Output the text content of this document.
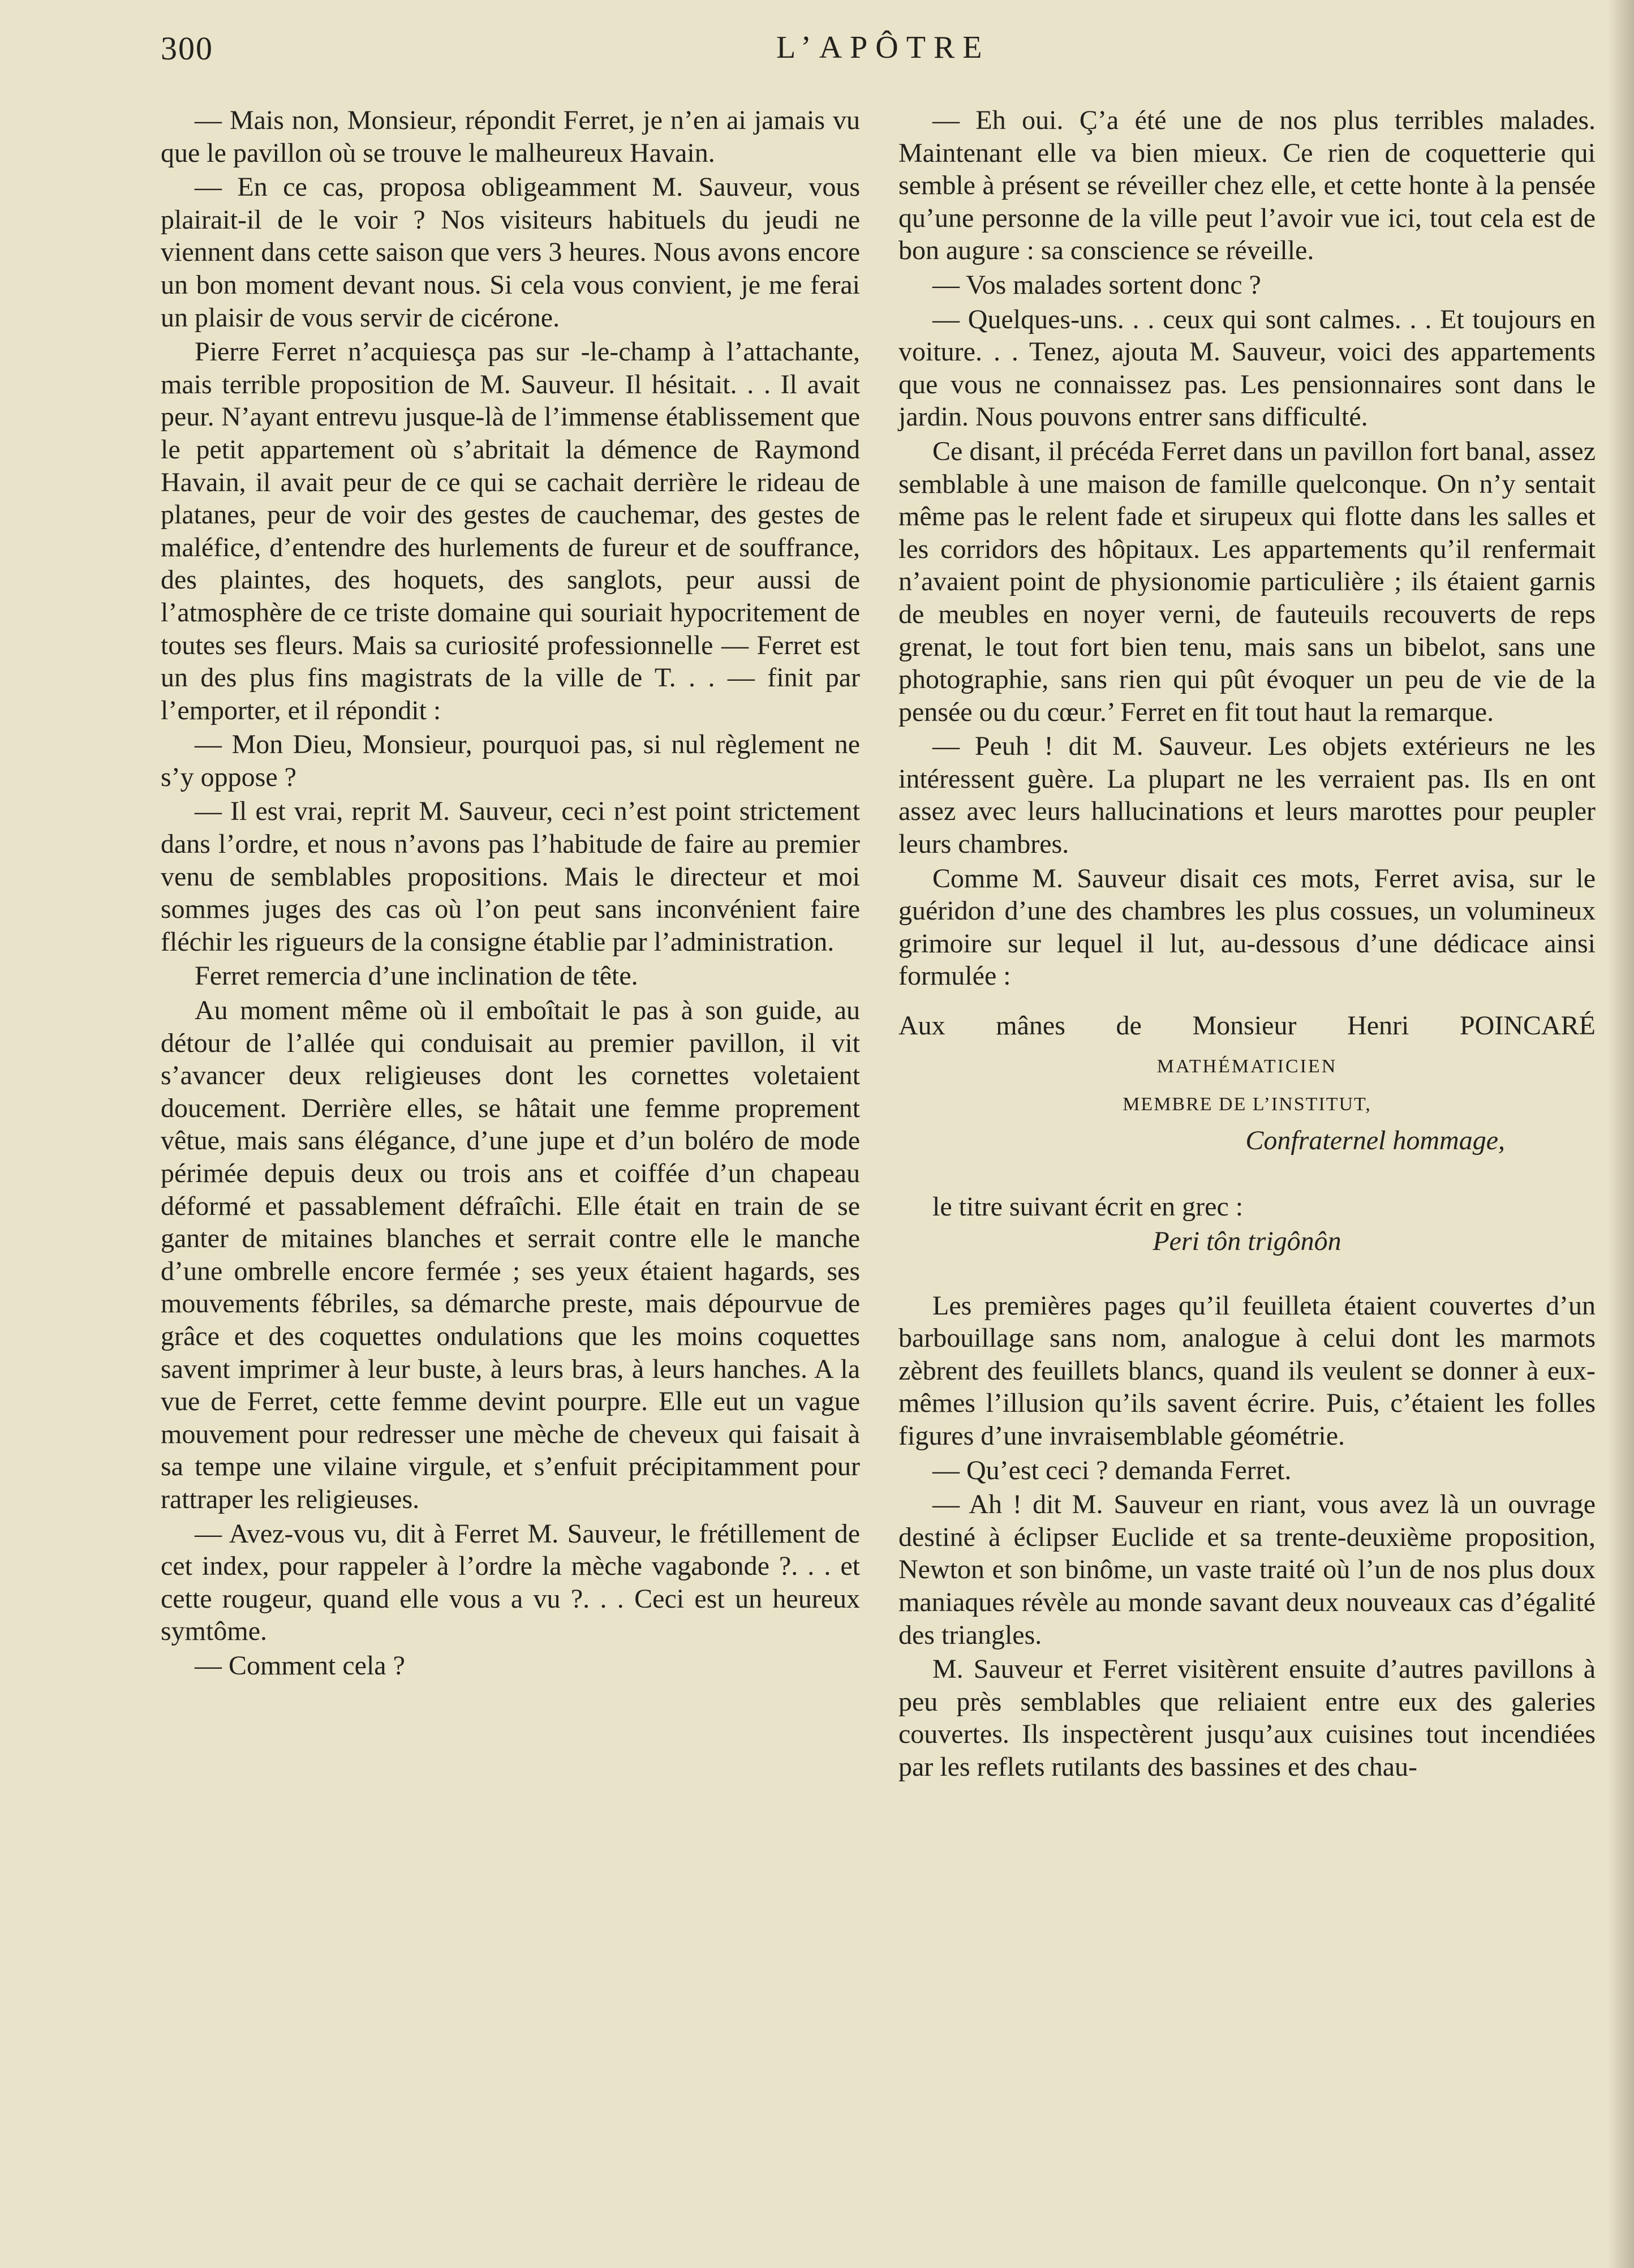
300	L’APÔTRE

— Mais non, Monsieur, répondit Ferret, je n’en ai jamais vu que le pavillon où se trouve le malheureux Havain.

— En ce cas, proposa obligeamment M. Sauveur, vous plairait-il de le voir ? Nos visiteurs habituels du jeudi ne viennent dans cette saison que vers 3 heures. Nous avons encore un bon moment devant nous. Si cela vous convient, je me ferai un plaisir de vous servir de cicérone.

Pierre Ferret n’acquiesça pas sur -le-champ à l’attachante, mais terrible proposition de M. Sauveur. Il hésitait. . . Il avait peur. N’ayant entrevu jusque-là de l’immense établissement que le petit appartement où s’abritait la démence de Raymond Havain, il avait peur de ce qui se cachait derrière le rideau de platanes, peur de voir des gestes de cauchemar, des gestes de maléfice, d’entendre des hurlements de fureur et de souffrance, des plaintes, des hoquets, des sanglots, peur aussi de l’atmosphère de ce triste domaine qui souriait hypocritement de toutes ses fleurs. Mais sa curiosité professionnelle — Ferret est un des plus fins magistrats de la ville de T. . . — finit par l’emporter, et il répondit :

— Mon Dieu, Monsieur, pourquoi pas, si nul règlement ne s’y oppose ?

— Il est vrai, reprit M. Sauveur, ceci n’est point strictement dans l’ordre, et nous n’avons pas l’habitude de faire au premier venu de semblables propositions. Mais le directeur et moi sommes juges des cas où l’on peut sans inconvénient faire fléchir les rigueurs de la consigne établie par l’administration.

Ferret remercia d’une inclination de tête.

Au moment même où il emboîtait le pas à son guide, au détour de l’allée qui conduisait au premier pavillon, il vit s’avancer deux religieuses dont les cornettes voletaient doucement. Derrière elles, se hâtait une femme proprement vêtue, mais sans élégance, d’une jupe et d’un boléro de mode périmée depuis deux ou trois ans et coiffée d’un chapeau déformé et passablement défraîchi. Elle était en train de se ganter de mitaines blanches et serrait contre elle le manche d’une ombrelle encore fermée ; ses yeux étaient hagards, ses mouvements fébriles, sa démarche preste, mais dépourvue de grâce et des coquettes ondulations que les moins coquettes savent imprimer à leur buste, à leurs bras, à leurs hanches. A la vue de Ferret, cette femme devint pourpre. Elle eut un vague mouvement pour redresser une mèche de cheveux qui faisait à sa tempe une vilaine virgule, et s’enfuit précipitamment pour rattraper les religieuses.

— Avez-vous vu, dit à Ferret M. Sauveur, le frétillement de cet index, pour rappeler à l’ordre la mèche vagabonde ?. . . et cette rougeur, quand elle vous a vu ?. . . Ceci est un heureux symtôme.

— Comment cela ?

— Eh oui. Ç’a été une de nos plus terribles malades. Maintenant elle va bien mieux. Ce rien de coquetterie qui semble à présent se réveiller chez elle, et cette honte à la pensée qu’une personne de la ville peut l’avoir vue ici, tout cela est de bon augure : sa conscience se réveille.

— Vos malades sortent donc ?

— Quelques-uns. . . ceux qui sont calmes. . . Et toujours en voiture. . . Tenez, ajouta M. Sauveur, voici des appartements que vous ne connaissez pas. Les pensionnaires sont dans le jardin. Nous pouvons entrer sans difficulté.

Ce disant, il précéda Ferret dans un pavillon fort banal, assez semblable à une maison de famille quelconque. On n’y sentait même pas le relent fade et sirupeux qui flotte dans les salles et les corridors des hôpitaux. Les appartements qu’il renfermait n’avaient point de physionomie particulière ; ils étaient garnis de meubles en noyer verni, de fauteuils recouverts de reps grenat, le tout fort bien tenu, mais sans un bibelot, sans une photographie, sans rien qui pût évoquer un peu de vie de la pensée ou du cœur.’ Ferret en fit tout haut la remarque.

— Peuh ! dit M. Sauveur. Les objets extérieurs ne les intéressent guère. La plupart ne les verraient pas. Ils en ont assez avec leurs hallucinations et leurs marottes pour peupler leurs chambres.

Comme M. Sauveur disait ces mots, Ferret avisa, sur le guéridon d’une des chambres les plus cossues, un volumineux grimoire sur lequel il lut, au-dessous d’une dédicace ainsi formulée :

Aux mânes de Monsieur Henri POINCARÉ
MATHÉMATICIEN
MEMBRE DE L’INSTITUT,
Confraternel hommage,

le titre suivant écrit en grec :

Peri tôn trigônôn

Les premières pages qu’il feuilleta étaient couvertes d’un barbouillage sans nom, analogue à celui dont les marmots zèbrent des feuillets blancs, quand ils veulent se donner à eux-mêmes l’illusion qu’ils savent écrire. Puis, c’étaient les folles figures d’une invraisemblable géométrie.

— Qu’est ceci ? demanda Ferret.

— Ah ! dit M. Sauveur en riant, vous avez là un ouvrage destiné à éclipser Euclide et sa trente-deuxième proposition, Newton et son binôme, un vaste traité où l’un de nos plus doux maniaques révèle au monde savant deux nouveaux cas d’égalité des triangles.

M. Sauveur et Ferret visitèrent ensuite d’autres pavillons à peu près semblables que reliaient entre eux des galeries couvertes. Ils inspectèrent jusqu’aux cuisines tout incendiées par les reflets rutilants des bassines et des chau-
